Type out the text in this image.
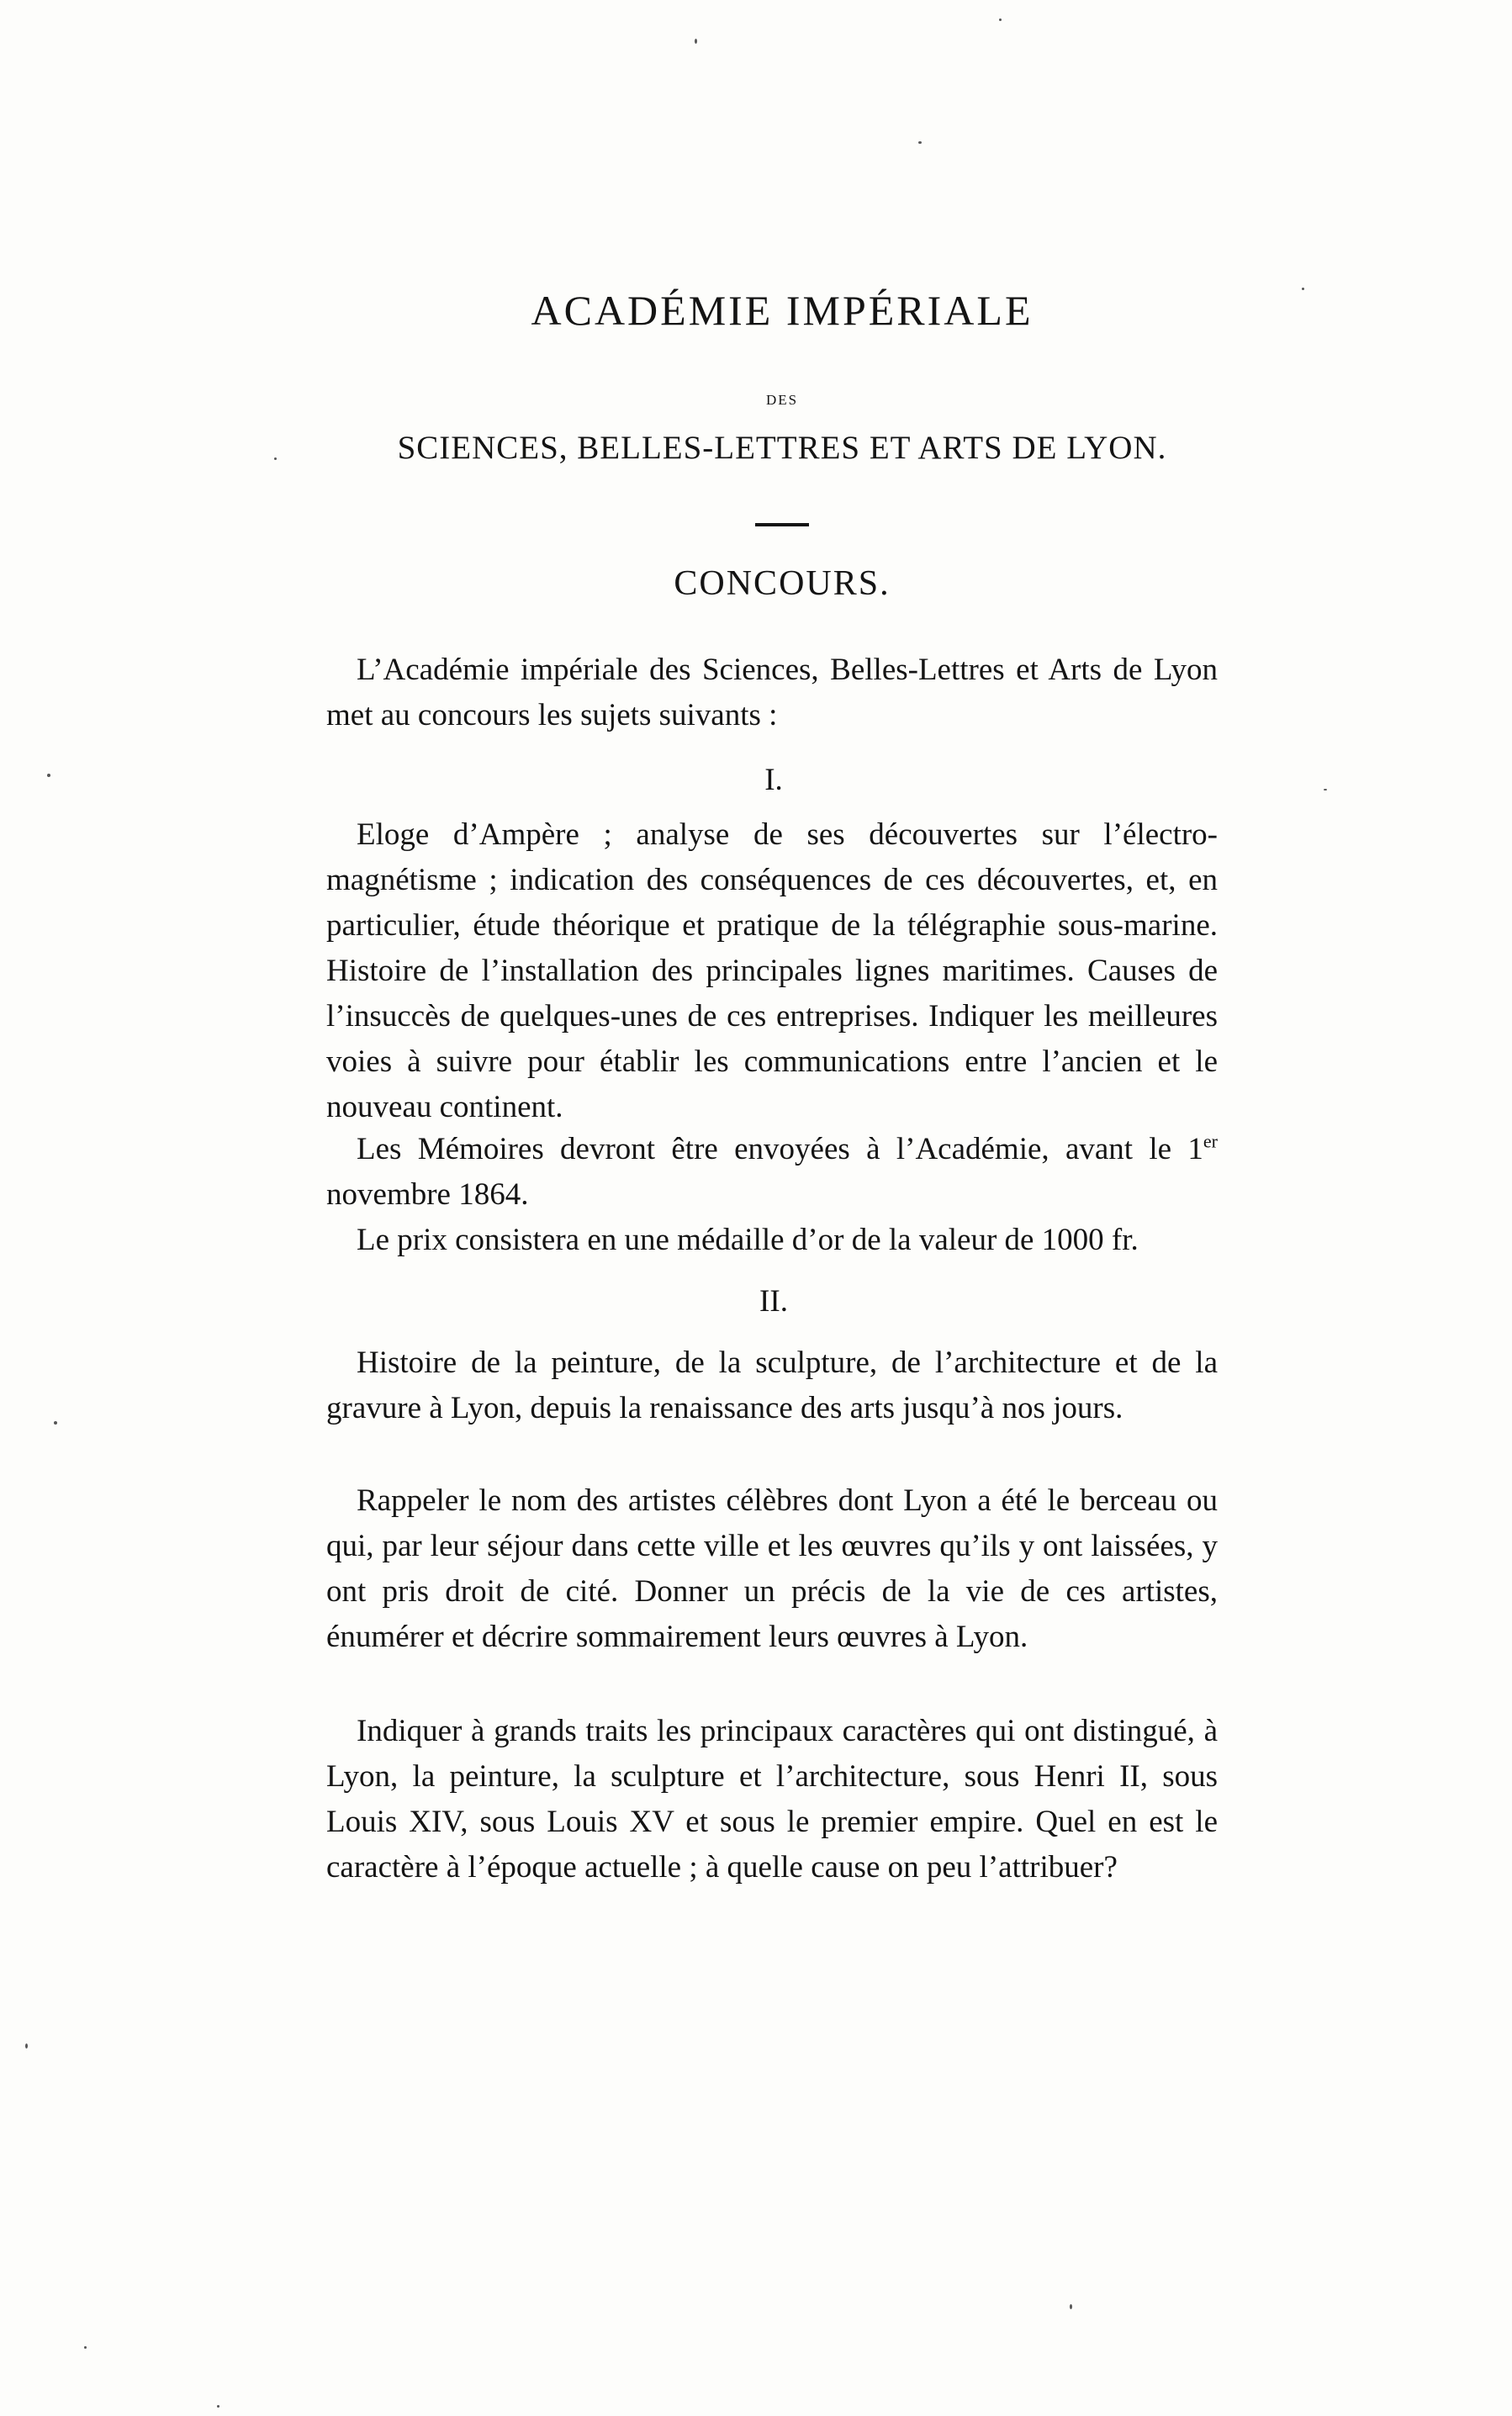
ACADÉMIE IMPÉRIALE
DES
SCIENCES, BELLES-LETTRES ET ARTS DE LYON.
CONCOURS.

L’Académie impériale des Sciences, Belles-Lettres et Arts de Lyon met au concours les sujets suivants :

I.

Eloge d’Ampère ; analyse de ses découvertes sur l’électro-magnétisme ; indication des conséquences de ces découvertes, et, en particulier, étude théorique et pratique de la télégraphie sous-marine. Histoire de l’installation des principales lignes maritimes. Causes de l’insuccès de quelques-unes de ces entreprises. Indiquer les meilleures voies à suivre pour établir les communications entre l’ancien et le nouveau continent.

Les Mémoires devront être envoyées à l’Académie, avant le 1er novembre 1864.

Le prix consistera en une médaille d’or de la valeur de 1000 fr.

II.

Histoire de la peinture, de la sculpture, de l’architecture et de la gravure à Lyon, depuis la renaissance des arts jusqu’à nos jours.

Rappeler le nom des artistes célèbres dont Lyon a été le berceau ou qui, par leur séjour dans cette ville et les œuvres qu’ils y ont laissées, y ont pris droit de cité. Donner un précis de la vie de ces artistes, énumérer et décrire sommairement leurs œuvres à Lyon.

Indiquer à grands traits les principaux caractères qui ont distingué, à Lyon, la peinture, la sculpture et l’architecture, sous Henri II, sous Louis XIV, sous Louis XV et sous le premier empire. Quel en est le caractère à l’époque actuelle ; à quelle cause on peu l’attribuer?
